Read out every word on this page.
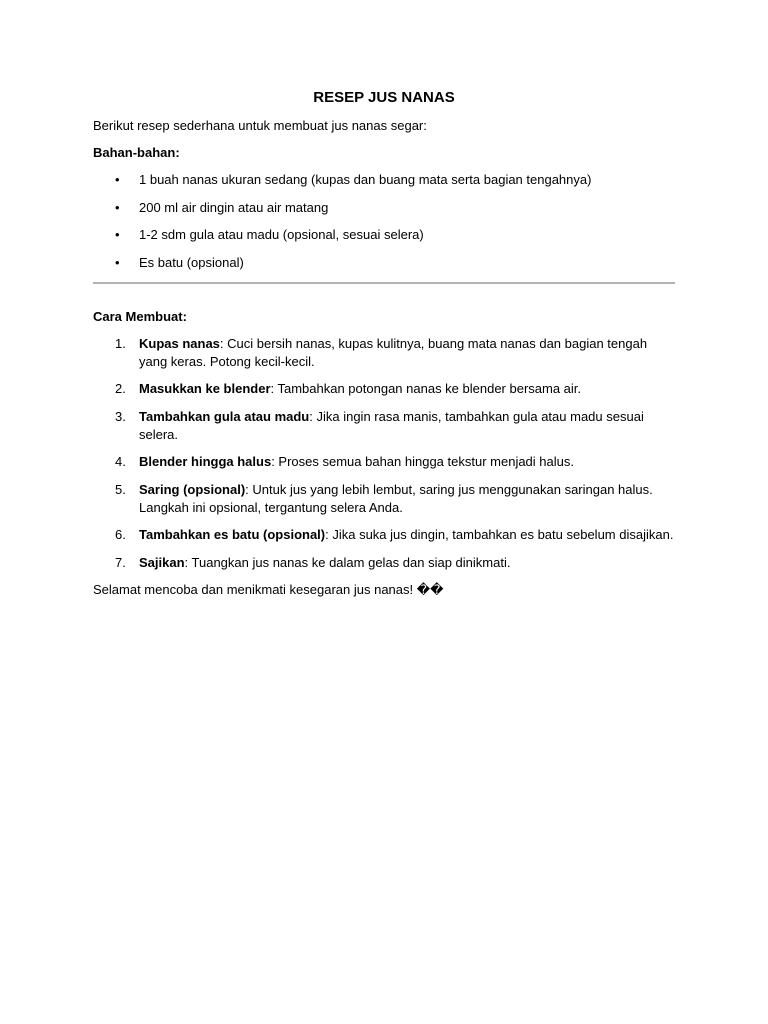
RESEP JUS NANAS

Berikut resep sederhana untuk membuat jus nanas segar:

Bahan-bahan:

• 1 buah nanas ukuran sedang (kupas dan buang mata serta bagian tengahnya)
• 200 ml air dingin atau air matang
• 1-2 sdm gula atau madu (opsional, sesuai selera)
• Es batu (opsional)

Cara Membuat:

1. Kupas nanas: Cuci bersih nanas, kupas kulitnya, buang mata nanas dan bagian tengah yang keras. Potong kecil-kecil.
2. Masukkan ke blender: Tambahkan potongan nanas ke blender bersama air.
3. Tambahkan gula atau madu: Jika ingin rasa manis, tambahkan gula atau madu sesuai selera.
4. Blender hingga halus: Proses semua bahan hingga tekstur menjadi halus.
5. Saring (opsional): Untuk jus yang lebih lembut, saring jus menggunakan saringan halus. Langkah ini opsional, tergantung selera Anda.
6. Tambahkan es batu (opsional): Jika suka jus dingin, tambahkan es batu sebelum disajikan.
7. Sajikan: Tuangkan jus nanas ke dalam gelas dan siap dinikmati.

Selamat mencoba dan menikmati kesegaran jus nanas! ��
